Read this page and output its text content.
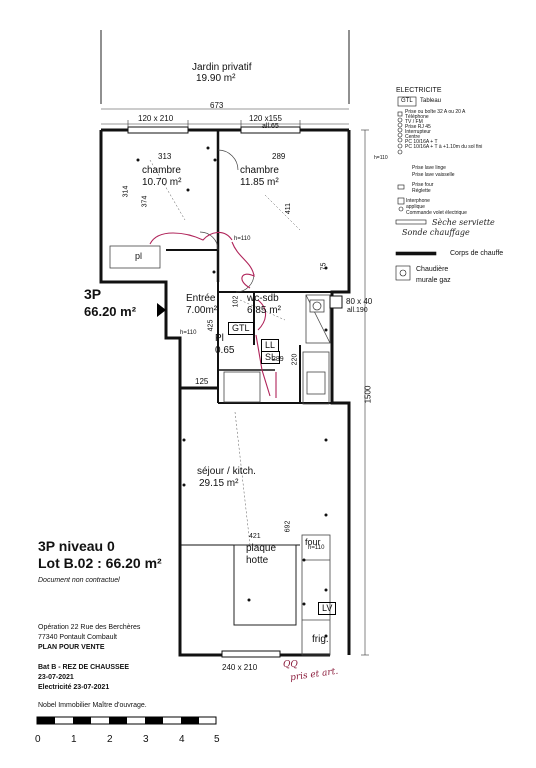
Jardin privatif
19.90 m²
673
120 x 210	120 x155
all.65
313	289
314
374
411
75
425
102
289 220
125
421
692
1500
240 x 210
80 x 40
all.190
h=110
h=110
h=110
chambre
10.70 m²
chambre
11.85 m²
pl
Entrée
7.00m²
wc-sdb
6.85 m²
GTL
Pl
0.65	LL
SL
séjour / kitch.
29.15 m²
plaque
hotte
four
LV
frig.
3P
66.20 m²
3P niveau 0
Lot B.02 : 66.20 m²
Document non contractuel
Opération 22 Rue des Berchères
77340 Pontault Combault
PLAN POUR VENTE
Bat B - REZ DE CHAUSSEE
23-07-2021
Electricité 23-07-2021
Nobel Immobilier Maître d'ouvrage.
pris et art.
QQ
0	1	2	3	4	5
ELECTRICITE
GTL Tableau
Prise ou boîte 32 A ou 20 A
Téléphone
TV / FM
Prise RJ 45
Interrupteur
Centre
PC 10/16A + T
PC 10/16A + T à +1.10m du sol fini
h=110
Prise lave linge
Prise lave vaisselle
Prise four
Réglette
Interphone
applique
Commande volet électrique
Sèche serviette
Sonde chauffage
Corps de chauffe
Chaudière
murale gaz
